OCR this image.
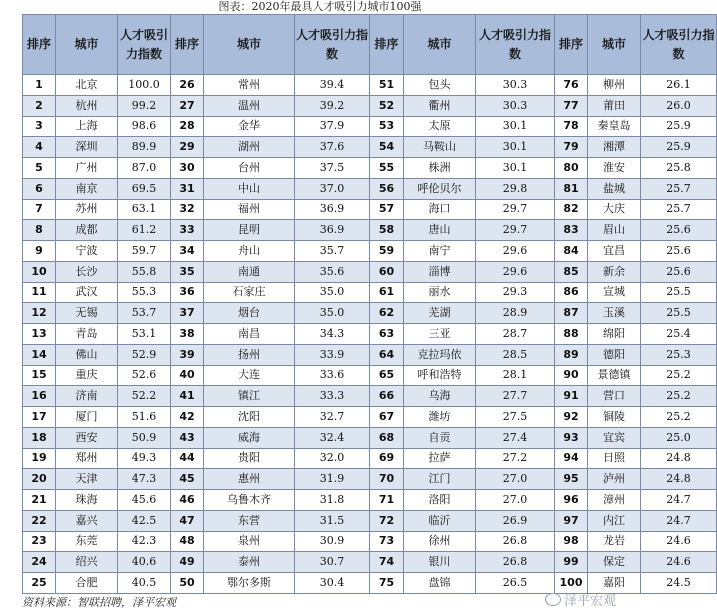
图表：2020年最具人才吸引力城市100强
排序	城市	人才吸引力指数	排序	城市	人才吸引力指数	排序	城市	人才吸引力指数	排序	城市	人才吸引力指数
1	北京	100.0	26	常州	39.4	51	包头	30.3	76	柳州	26.1
2	杭州	99.2	27	温州	39.2	52	衢州	30.3	77	莆田	26.0
3	上海	98.6	28	金华	37.9	53	太原	30.1	78	秦皇岛	25.9
4	深圳	89.9	29	湖州	37.6	54	马鞍山	30.1	79	湘潭	25.9
5	广州	87.0	30	台州	37.5	55	株洲	30.1	80	淮安	25.8
6	南京	69.5	31	中山	37.0	56	呼伦贝尔	29.8	81	盐城	25.7
7	苏州	63.1	32	福州	36.9	57	海口	29.7	82	大庆	25.7
8	成都	61.2	33	昆明	36.9	58	唐山	29.7	83	眉山	25.6
9	宁波	59.7	34	舟山	35.7	59	南宁	29.6	84	宜昌	25.6
10	长沙	55.8	35	南通	35.6	60	淄博	29.6	85	新余	25.6
11	武汉	55.3	36	石家庄	35.0	61	丽水	29.3	86	宣城	25.5
12	无锡	53.7	37	烟台	35.0	62	芜湖	28.9	87	玉溪	25.5
13	青岛	53.1	38	南昌	34.3	63	三亚	28.7	88	绵阳	25.4
14	佛山	52.9	39	扬州	33.9	64	克拉玛依	28.5	89	德阳	25.3
15	重庆	52.6	40	大连	33.6	65	呼和浩特	28.1	90	景德镇	25.2
16	济南	52.2	41	镇江	33.3	66	乌海	27.7	91	营口	25.2
17	厦门	51.6	42	沈阳	32.7	67	潍坊	27.5	92	铜陵	25.2
18	西安	50.9	43	威海	32.4	68	自贡	27.4	93	宜宾	25.0
19	郑州	49.3	44	贵阳	32.0	69	拉萨	27.2	94	日照	24.8
20	天津	47.3	45	惠州	31.9	70	江门	27.0	95	泸州	24.8
21	珠海	45.6	46	乌鲁木齐	31.8	71	洛阳	27.0	96	漳州	24.7
22	嘉兴	42.5	47	东营	31.5	72	临沂	26.9	97	内江	24.7
23	东莞	42.3	48	泉州	30.9	73	徐州	26.8	98	龙岩	24.6
24	绍兴	40.6	49	泰州	30.7	74	银川	26.8	99	保定	24.6
25	合肥	40.5	50	鄂尔多斯	30.4	75	盘锦	26.5	100	嘉阳	24.5
资料来源：智联招聘，泽平宏观	泽平宏观
